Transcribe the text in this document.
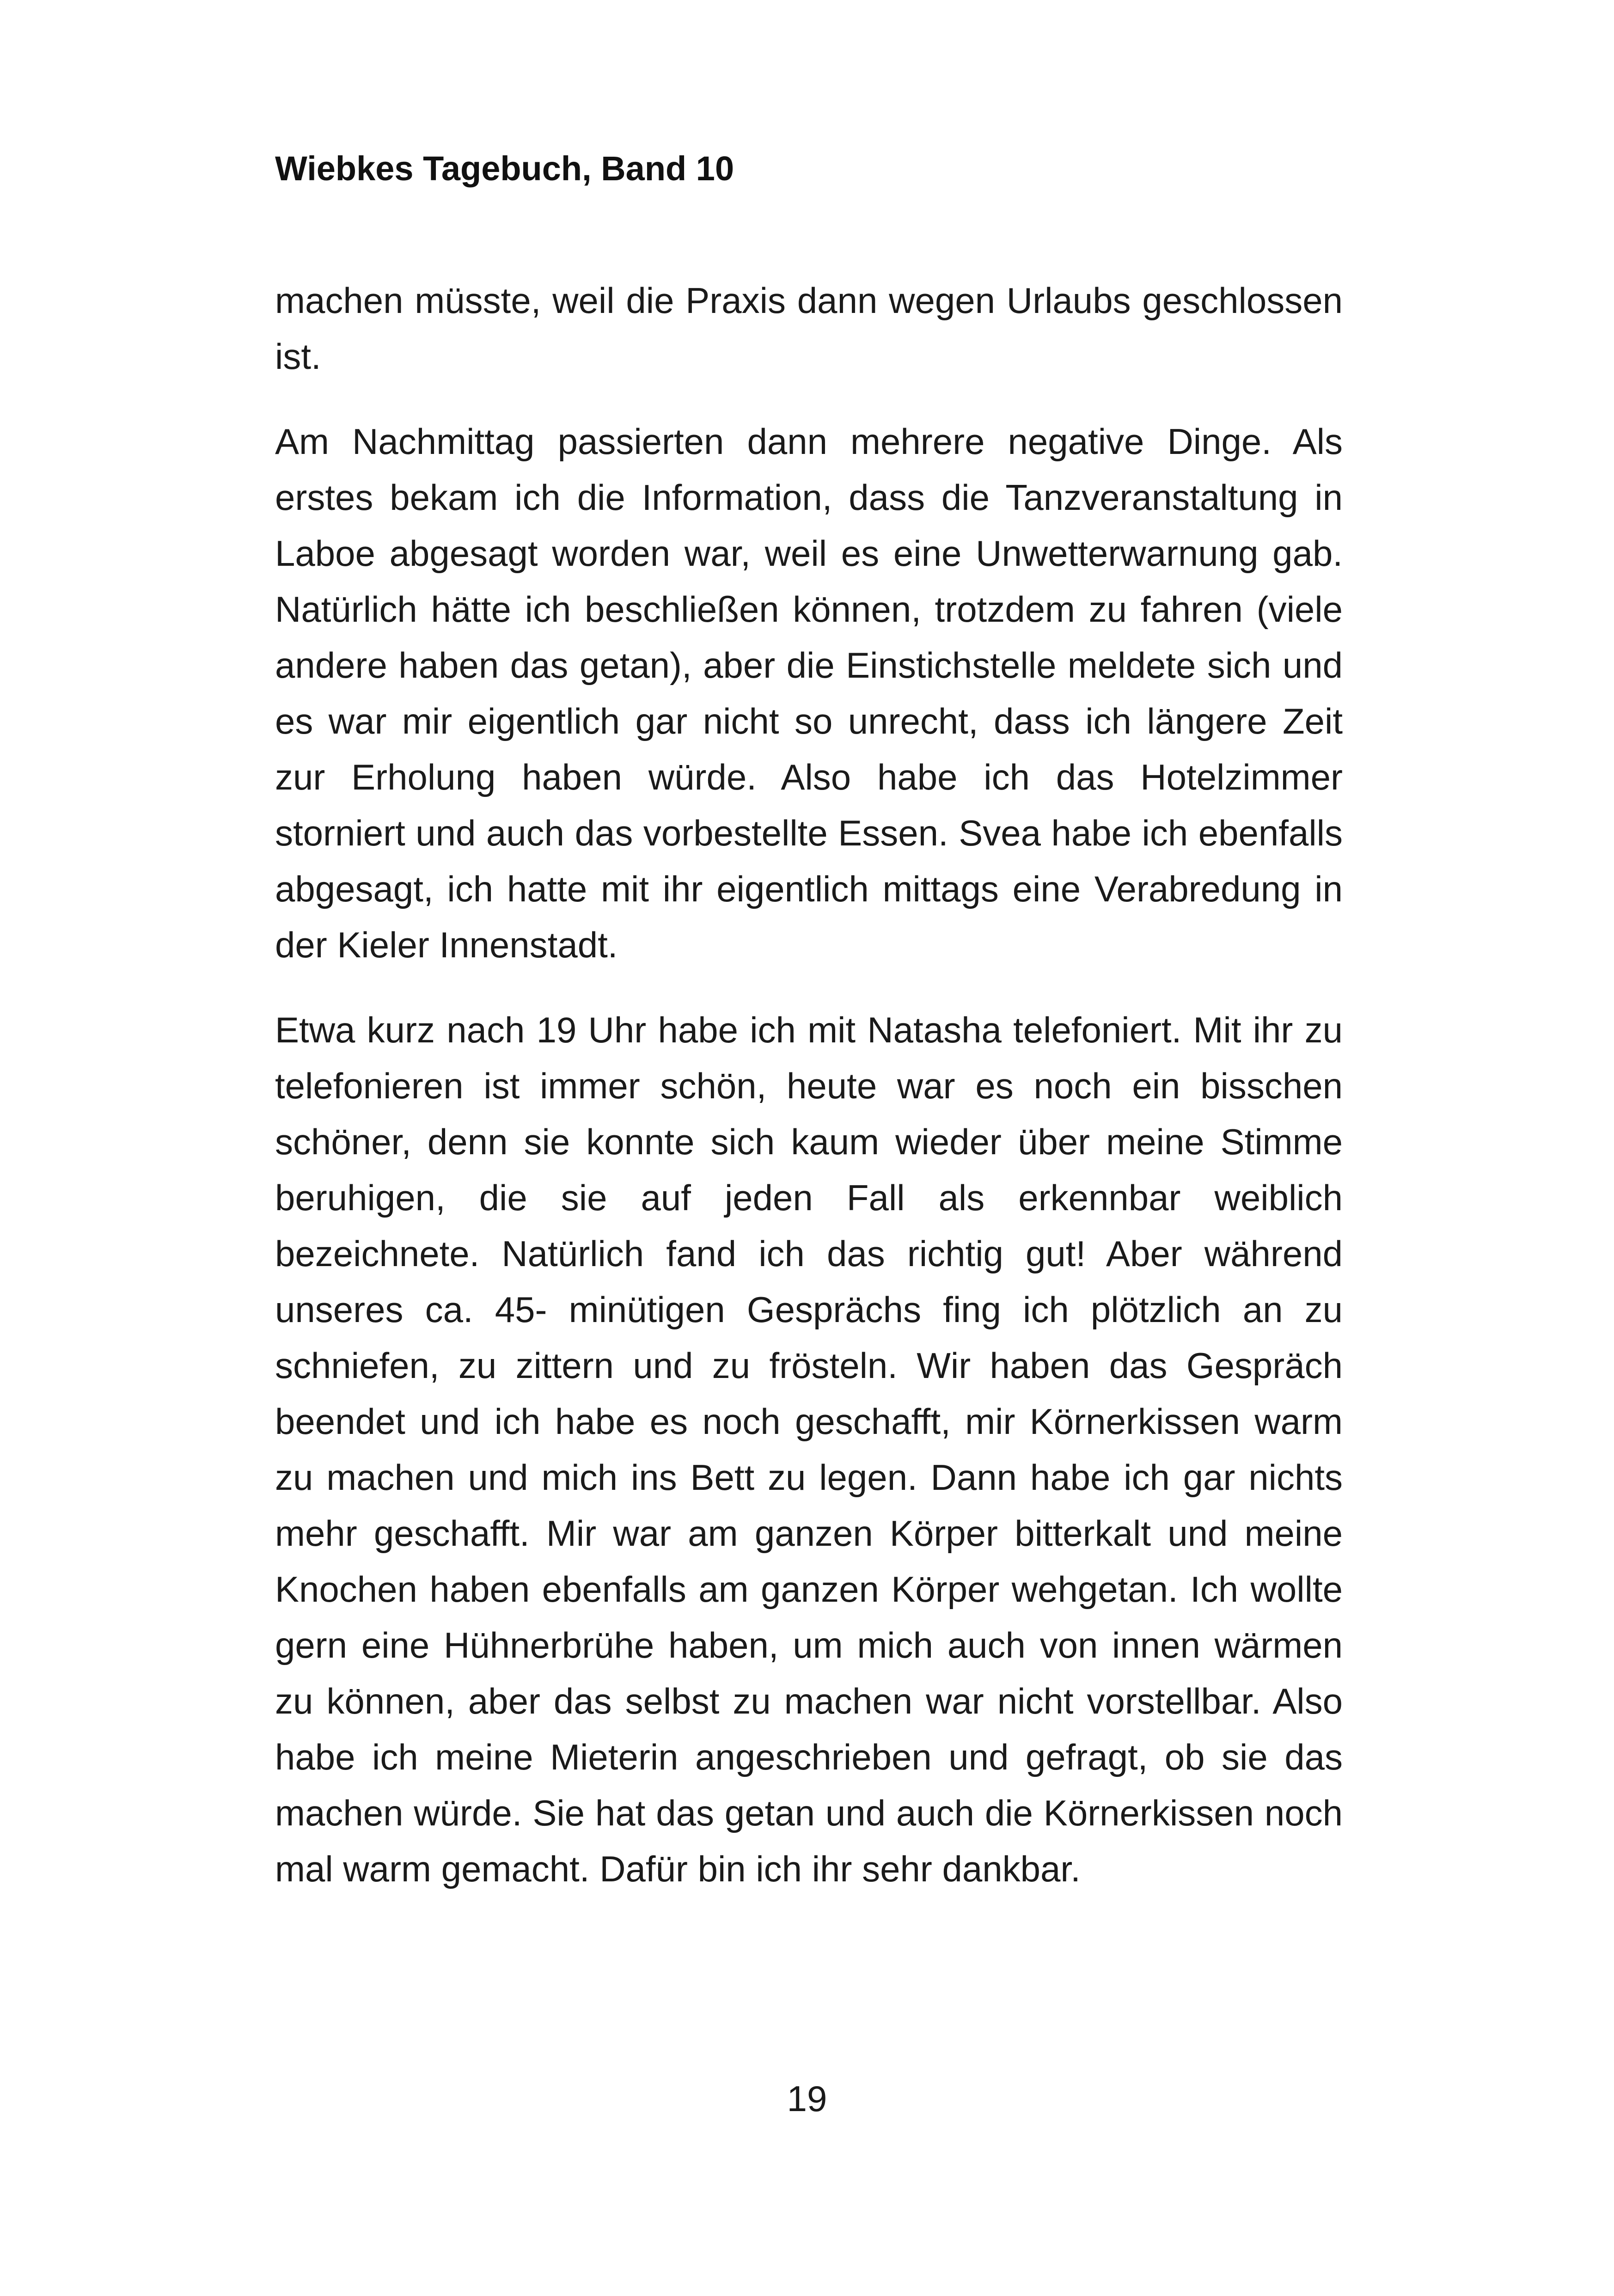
Wiebkes Tagebuch, Band 10

machen müsste, weil die Praxis dann wegen Urlaubs geschlossen ist.

Am Nachmittag passierten dann mehrere negative Dinge. Als erstes bekam ich die Information, dass die Tanzveranstaltung in Laboe abgesagt worden war, weil es eine Unwetterwarnung gab. Natürlich hätte ich beschließen können, trotzdem zu fahren (viele andere haben das getan), aber die Einstichstelle meldete sich und es war mir eigentlich gar nicht so unrecht, dass ich längere Zeit zur Erholung haben würde. Also habe ich das Hotelzimmer storniert und auch das vorbestellte Essen. Svea habe ich ebenfalls abgesagt, ich hatte mit ihr eigentlich mittags eine Verabredung in der Kieler Innenstadt.

Etwa kurz nach 19 Uhr habe ich mit Natasha telefoniert. Mit ihr zu telefonieren ist immer schön, heute war es noch ein bisschen schöner, denn sie konnte sich kaum wieder über meine Stimme beruhigen, die sie auf jeden Fall als erkennbar weiblich bezeichnete. Natürlich fand ich das richtig gut! Aber während unseres ca. 45- minütigen Gesprächs fing ich plötzlich an zu schniefen, zu zittern und zu frösteln. Wir haben das Gespräch beendet und ich habe es noch geschafft, mir Körnerkissen warm zu machen und mich ins Bett zu legen. Dann habe ich gar nichts mehr geschafft. Mir war am ganzen Körper bitterkalt und meine Knochen haben ebenfalls am ganzen Körper wehgetan. Ich wollte gern eine Hühnerbrühe haben, um mich auch von innen wärmen zu können, aber das selbst zu machen war nicht vorstellbar. Also habe ich meine Mieterin angeschrieben und gefragt, ob sie das machen würde. Sie hat das getan und auch die Körnerkissen noch mal warm gemacht. Dafür bin ich ihr sehr dankbar.

19
